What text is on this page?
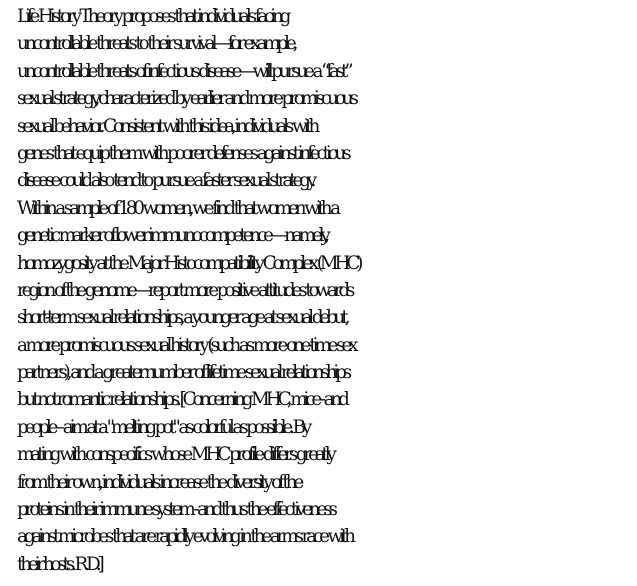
Life History Theory proposes that individuals facing
uncontrollable threats to their survival—for example,
uncontrollable threats of infectious disease—will pursue a “fast”
sexual strategy, characterized by earlier and more promiscuous
sexual behavior. Consistent with this idea, individuals with
genes that equip them with poorer defenses against infectious
disease could also tend to pursue a faster sexual strategy.
Within a sample of 180 women, we find that women with a
genetic marker of lower immunocompetence—namely,
homozygosity at the Major Histocompatibility Complex (MHC)
region of the genome—report more positive attitudes towards
short-term sexual relationships, a younger age at sexual debut,
a more promiscuous sexual history (such as more one-time sex
partners), and a greater number of lifetime sexual relationships
but not romantic relationships. [Concerning MHC, mice - and
people – aim at a "melting pot" as colorful as possible. By
mating with conspecifics whose MHC profile differs greatly
from their own, individuals increase the diversity of the
proteins in their immune system - and thus the effectiveness
against microbes that are rapidly evolving in the arms race with
their hosts. R.D.]
